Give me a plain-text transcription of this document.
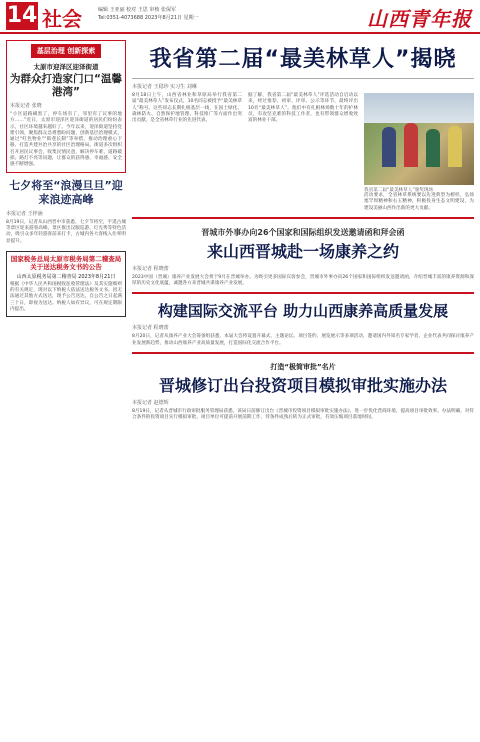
14 社会	编辑 王亚丽 校对 王思 审核 张保军
Tel:0351-4073688 2023年8月21日 星期一	山西青年报
基层治理 创新探索
太原市迎泽区迎泽街道
为群众打造家门口“温馨港湾”
本报记者 张晓
“小区道路刷黑了，停车场有了，邻里有了议事的地方……”近日，太原市迎泽区迎泽街道的居民们纷纷表示，社区环境越来越好了。今年以来，迎泽街道坚持党建引领，聚焦群众急难愁盼问题，创新基层治理模式，通过“红色物业”“街巷长制”等举措，推动治理重心下移，打造共建共治共享的社区治理格局。街道多次组织召开居民议事会，收集民情民意，解决停车难、道路破损、路灯不亮等问题，让群众的获得感、幸福感、安全感不断增强。
七夕将至“浪漫旦旦”迎来浪迹高峰
本报记者 王梓涵
8月19日，记者从山西晋中市获悉，七夕节将至，平遥古城等景区迎来游客高峰。景区推出汉服巡游、灯光秀等特色活动，吸引众多年轻游客前来打卡，古城内各大客栈入住率明显提升。
国家税务总局太原市税务局第二稽查局关于送达税务文书的公告
山西太原税务局第二稽查局 2023年8月21日
根据《中华人民共和国税收征收管理法》及其实施细则的有关规定，现对以下纳税人依法送达税务文书。因无法通过其他方式送达，现予公告送达，自公告之日起满三十日，即视为送达。纳税人如有异议，可在规定期限内提出。
我省第二届“最美林草人”揭晓
本报记者 王稳珍 实习生 刘琳
8月18日上午，山西省林业和草原局举行我省第二届“最美林草人”发布仪式，10名同志被授予“最美林草人”称号。这些同志长期扎根基层一线，在国土绿化、森林防火、自然保护地管理、科技推广等方面作出突出贡献，是全省林草行业的先进代表。
据了解，我省第二届“最美林草人”评选活动自启动以来，经过推荐、初审、评审、公示等环节，最终评出10名“最美林草人”。他们中有扎根林场数十年的护林员，有攻坚克难的科技工作者，也有带领群众增收致富的林业干部。
我省第二届“最美林草人”颁奖现场
活动要求，全省林草系统要以先进典型为榜样，弘扬塞罕坝精神和右玉精神，积极投身生态文明建设，为建设美丽山西作出新的更大贡献。
晋城市外事办向26个国家和国际组织发送邀请函和拜会函
来山西晋城赴一场康养之约
本报记者 程晓蕾
2023中国（晋城）康养产业发展大会将于9月在晋城举办。为吸引更多国际宾客参会，晋城市外事办向26个国家和国际组织发送邀请函，介绍晋城丰富的康养资源和深厚的历史文化底蕴，诚邀各方来晋城共谋康养产业发展。
构建国际交流平台 助力山西康养高质量发展
本报记者 程晓蕾
8月20日，记者从康养产业大会筹备组获悉，本届大会将设置开幕式、主题论坛、项目签约、展览展示等多项活动，邀请国内外知名专家学者、企业代表共同探讨康养产业发展新趋势，推动山西康养产业高质量发展，打造国际化交流合作平台。
打造“极简审批”名片
晋城修订出台投资项目模拟审批实施办法
本报记者 赵德辉
8月19日，记者从晋城市行政审批服务管理局获悉，该局日前修订出台《晋城市投资项目模拟审批实施办法》，进一步优化营商环境，提高项目审批效率。办法明确，对符合条件的投资项目实行模拟审批，项目单位可提前开展前期工作，待条件成熟后转为正式审批，有效压缩项目落地时间。
